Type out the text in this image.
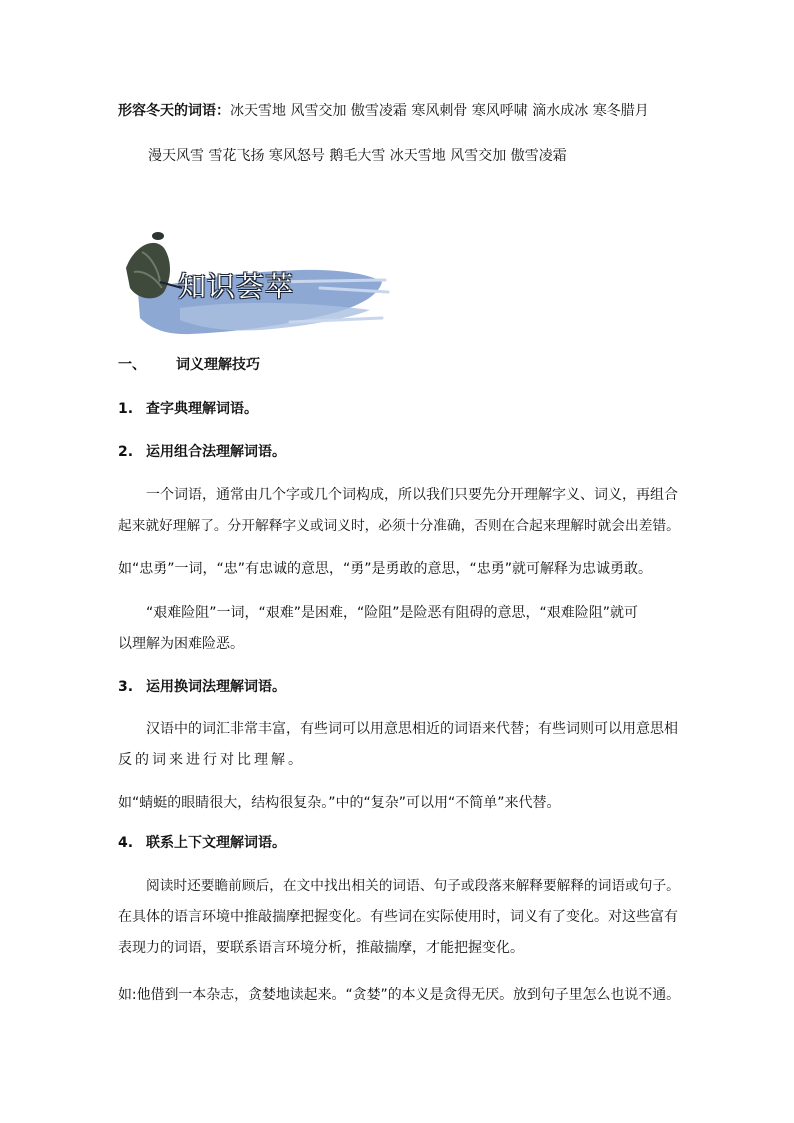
形容冬天的词语：冰天雪地 风雪交加 傲雪凌霜 寒风刺骨 寒风呼啸 滴水成冰 寒冬腊月
漫天风雪 雪花飞扬 寒风怒号 鹅毛大雪 冰天雪地 风雪交加 傲雪凌霜
知识荟萃
一、 词义理解技巧
1. 查字典理解词语。
2. 运用组合法理解词语。
一个词语，通常由几个字或几个词构成，所以我们只要先分开理解字义、词义，再组合
起来就好理解了。分开解释字义或词义时，必须十分准确，否则在合起来理解时就会出差错。
如“忠勇”一词，“忠”有忠诚的意思，“勇”是勇敢的意思，“忠勇”就可解释为忠诚勇敢。
“艰难险阻”一词，“艰难”是困难，“险阻”是险恶有阻碍的意思，“艰难险阻”就可
以理解为困难险恶。
3. 运用换词法理解词语。
汉语中的词汇非常丰富，有些词可以用意思相近的词语来代替；有些词则可以用意思相
反的词来进行对比理解。
如“蜻蜓的眼睛很大，结构很复杂。”中的“复杂”可以用“不简单”来代替。
4. 联系上下文理解词语。
阅读时还要瞻前顾后，在文中找出相关的词语、句子或段落来解释要解释的词语或句子。
在具体的语言环境中推敲揣摩把握变化。有些词在实际使用时，词义有了变化。对这些富有
表现力的词语，要联系语言环境分析，推敲揣摩，才能把握变化。
如:他借到一本杂志，贪婪地读起来。“贪婪”的本义是贪得无厌。放到句子里怎么也说不通。
